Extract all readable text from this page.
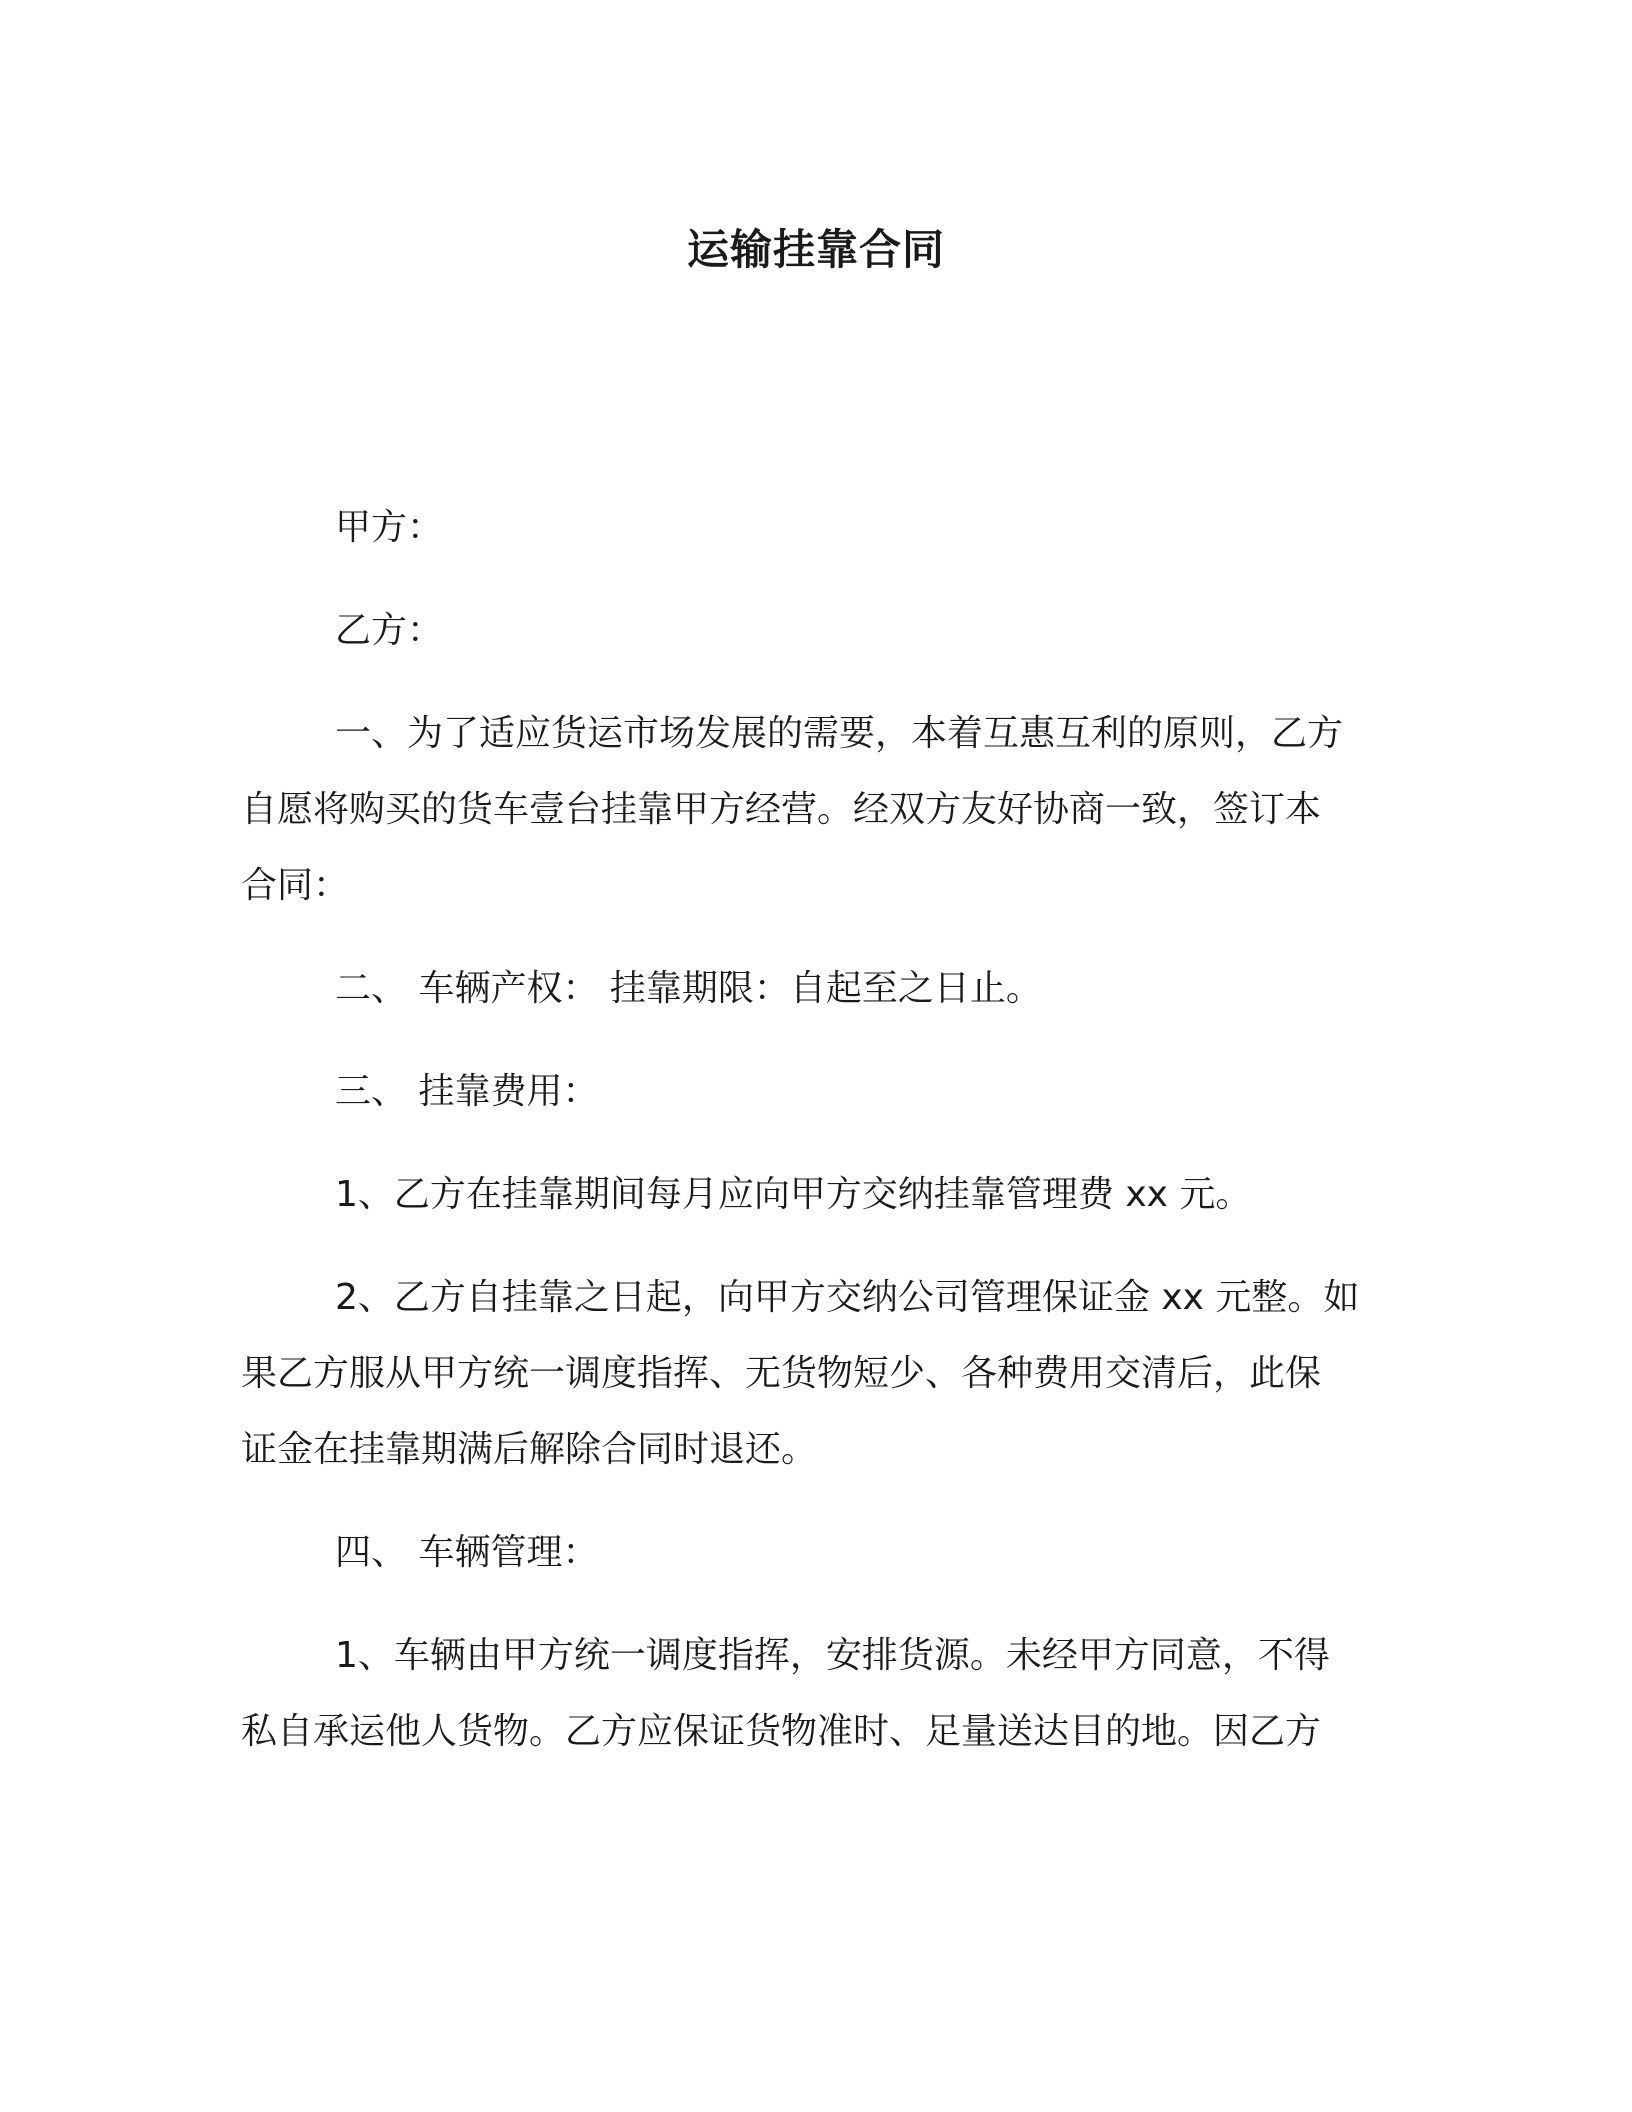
运输挂靠合同

甲方：

乙方：

一、为了适应货运市场发展的需要，本着互惠互利的原则，乙方
自愿将购买的货车壹台挂靠甲方经营。经双方友好协商一致，签订本
合同：

二、 车辆产权： 挂靠期限：自起至之日止。

三、 挂靠费用：

1、乙方在挂靠期间每月应向甲方交纳挂靠管理费 xx 元。

2、乙方自挂靠之日起，向甲方交纳公司管理保证金 xx 元整。如
果乙方服从甲方统一调度指挥、无货物短少、各种费用交清后，此保
证金在挂靠期满后解除合同时退还。

四、 车辆管理：

1、车辆由甲方统一调度指挥，安排货源。未经甲方同意，不得
私自承运他人货物。乙方应保证货物准时、足量送达目的地。因乙方
